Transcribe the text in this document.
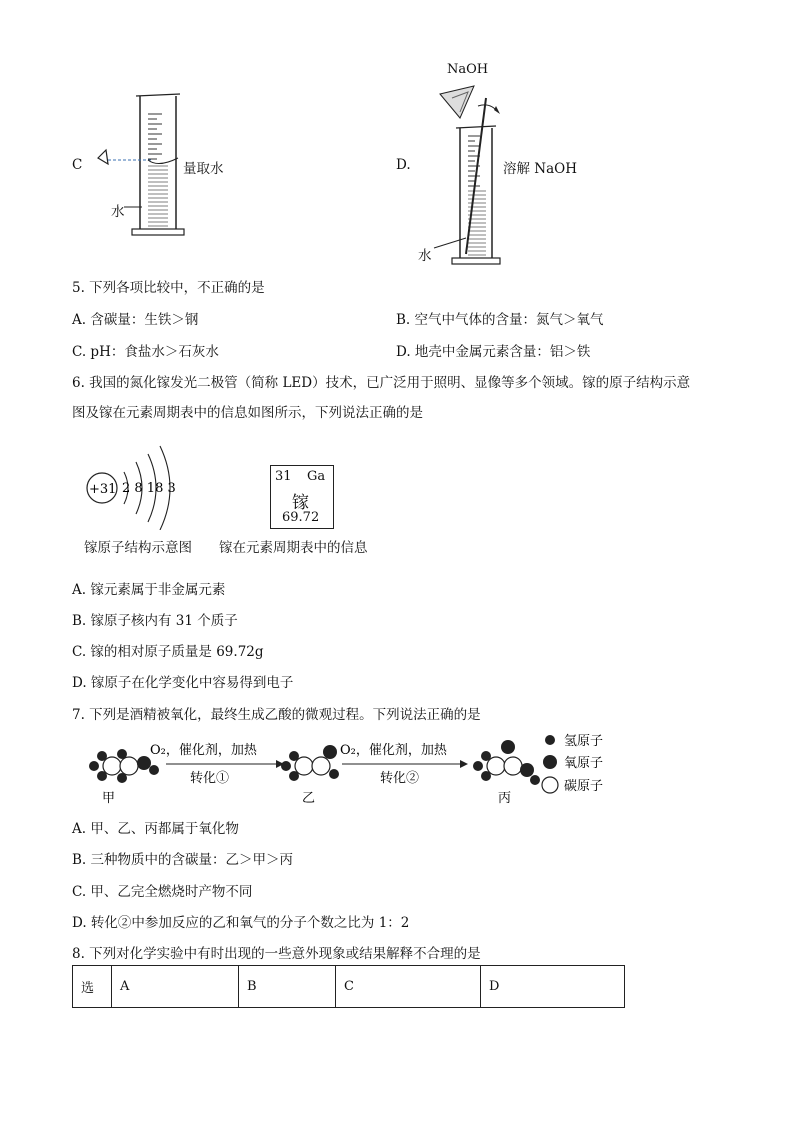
C	量取水
水
D.
NaOH
溶解 NaOH
水
5. 下列各项比较中，不正确的是
A. 含碳量：生铁＞钢	B. 空气中气体的含量：氮气＞氧气
C. pH：食盐水＞石灰水	D. 地壳中金属元素含量：铝＞铁
6. 我国的氮化镓发光二极管（简称 LED）技术，已广泛用于照明、显像等多个领域。镓的原子结构示意
图及镓在元素周期表中的信息如图所示，下列说法正确的是
+31 2 8 18 3
镓原子结构示意图
31 Ga
镓
69.72
镓在元素周期表中的信息
A. 镓元素属于非金属元素
B. 镓原子核内有 31 个质子
C. 镓的相对原子质量是 69.72g
D. 镓原子在化学变化中容易得到电子
7. 下列是酒精被氧化，最终生成乙酸的微观过程。下列说法正确的是
O₂，催化剂，加热
转化①
O₂，催化剂，加热
转化②
甲	乙	丙
氢原子
氧原子
碳原子
A. 甲、乙、丙都属于氧化物
B. 三种物质中的含碳量：乙＞甲＞丙
C. 甲、乙完全燃烧时产物不同
D. 转化②中参加反应的乙和氧气的分子个数之比为 1：2
8. 下列对化学实验中有时出现的一些意外现象或结果解释不合理的是
选	A	B	C	D
